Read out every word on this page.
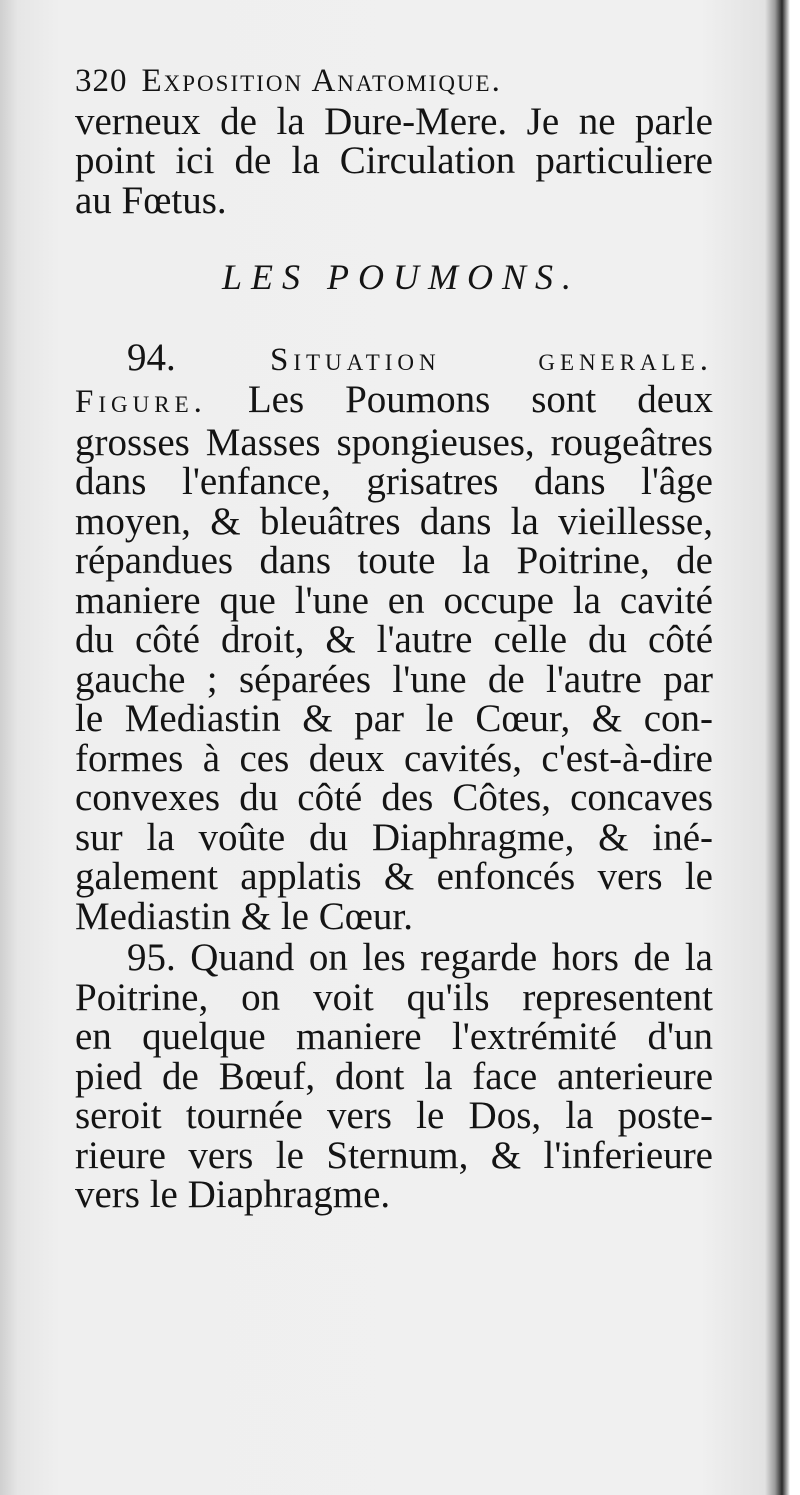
320 Exposition Anatomique.
verneux de la Dure-Mere. Je ne parle
point ici de la Circulation particuliere
au Fœtus.
LES POUMONS.
94.	Situation generale.
Figure. Les Poumons sont deux
grosses Masses spongieuses, rougeâtres
dans l'enfance, grisatres dans l'âge
moyen, & bleuâtres dans la vieillesse,
répandues dans toute la Poitrine, de
maniere que l'une en occupe la cavité
du côté droit, & l'autre celle du côté
gauche ; séparées l'une de l'autre par
le Mediastin & par le Cœur, & con-
formes à ces deux cavités, c'est-à-dire
convexes du côté des Côtes, concaves
sur la voûte du Diaphragme, & iné-
galement applatis & enfoncés vers le
Mediastin & le Cœur.
95. Quand on les regarde hors de la
Poitrine, on voit qu'ils representent
en quelque maniere l'extrémité d'un
pied de Bœuf, dont la face anterieure
seroit tournée vers le Dos, la poste-
rieure vers le Sternum, & l'inferieure
vers le Diaphragme.
